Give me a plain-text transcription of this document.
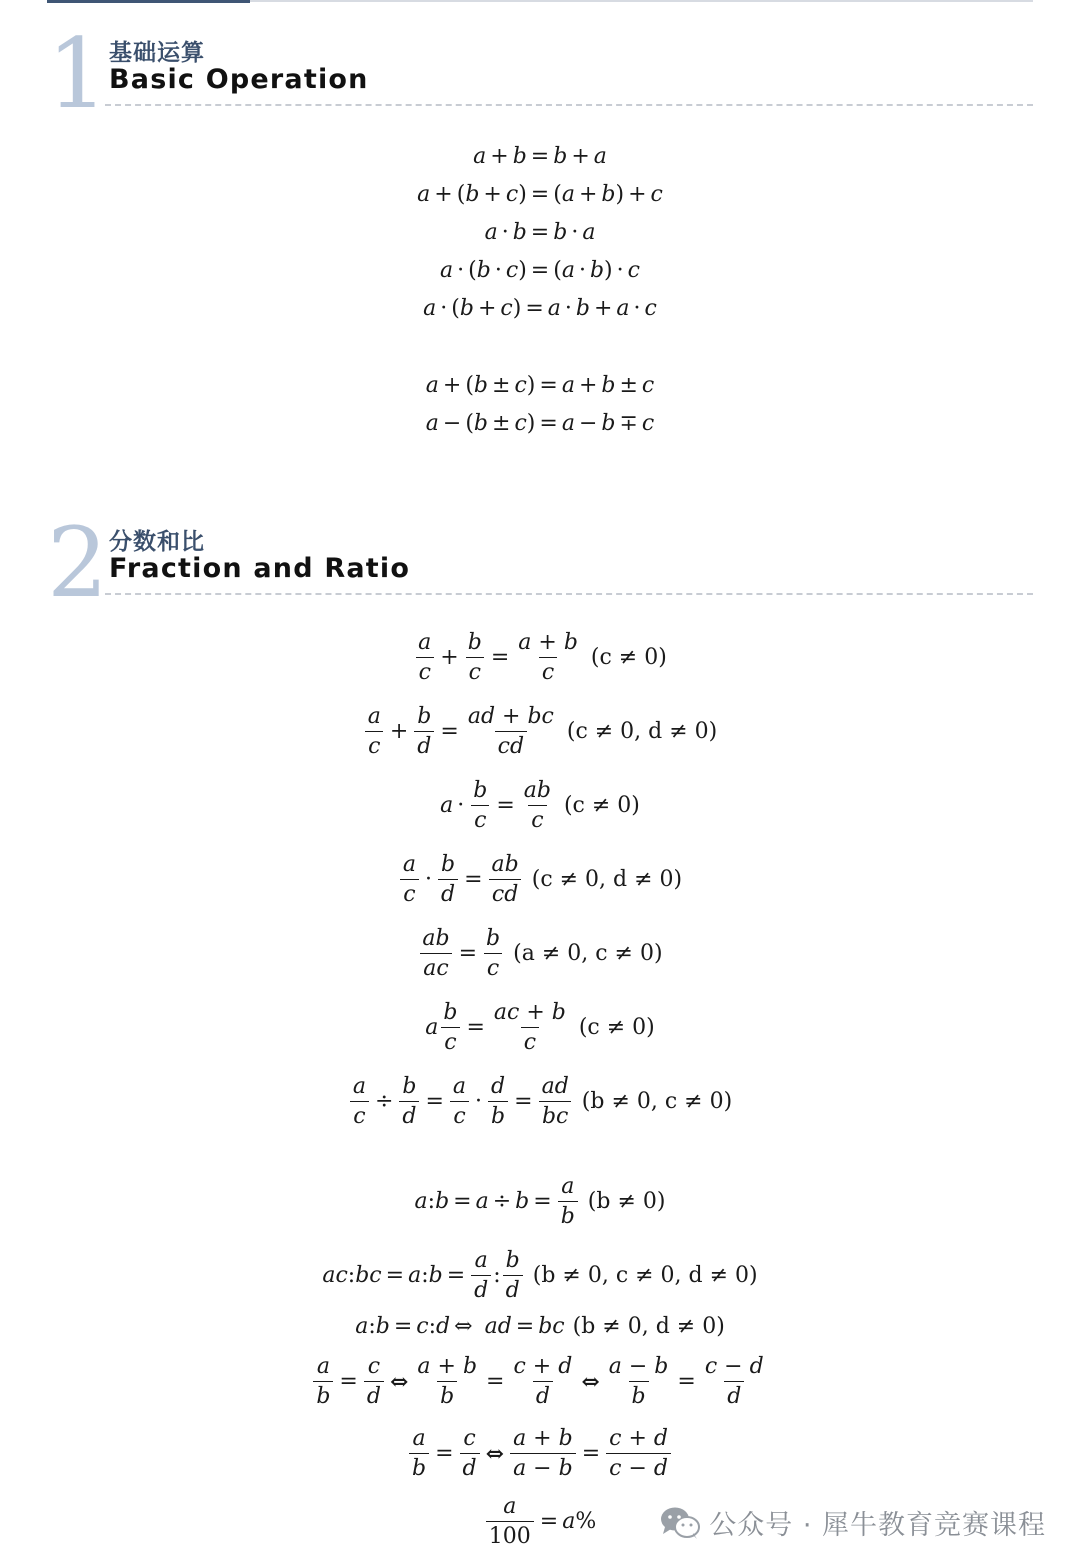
1 基础运算
Basic Operation
a + b = b + a
a + ( b + c ) = ( a + b ) + c
a · b = b · a
a · ( b · c ) = ( a · b ) · c
a · ( b + c ) = a · b + a · c
a + ( b ± c ) = a + b ± c
a − ( b ± c ) = a − b ∓ c
2 分数和比
Fraction and Ratio
$\frac{a}{c} + \frac{b}{c} = \frac{a + b}{c} (c \ne 0)$
$\frac{a}{c} + \frac{b}{d} = \frac{ad + bc}{cd} (c \ne 0$, d ≠ 0)
$a \cdot \frac{b}{c} = \frac{ab}{c} (c \ne 0)$
$\frac{a}{c} \cdot \frac{b}{d} = \frac{ab}{cd} (c \ne 0$, d ≠ 0)
$\frac{ab}{ac} = \frac{b}{c} (a \ne 0$, c ≠ 0)
a $\frac{b}{c} = \frac{ac + b}{c} (c \ne 0)$
$\frac{a}{c} \div \frac{b}{d} = \frac{a}{c} \cdot \frac{d}{b} = \frac{ad}{bc} (b \ne 0$, c ≠ 0)
a : $b = a \div b = \frac{a}{b} (b \ne 0)$
ac : bc = a : $b = \frac{a}{d}$ : $\frac{b}{d} (b \ne 0$, c ≠ 0, d ≠ 0)
a : b = c : d ⇔ ad = bc (b ≠ 0, d ≠ 0)
$\frac{a}{b} = \frac{c}{d}$ ⇔ $\frac{a + b}{b} = \frac{c + d}{d}$ ⇔ $\frac{a - b}{b} = \frac{c - d}{d}$
$\frac{a}{b} = \frac{c}{d}$ ⇔ $\frac{a + b}{a - b} = \frac{c + d}{c - d}$
$\frac{a}{100} = a$ %	公众号 · 犀牛教育竞赛课程
